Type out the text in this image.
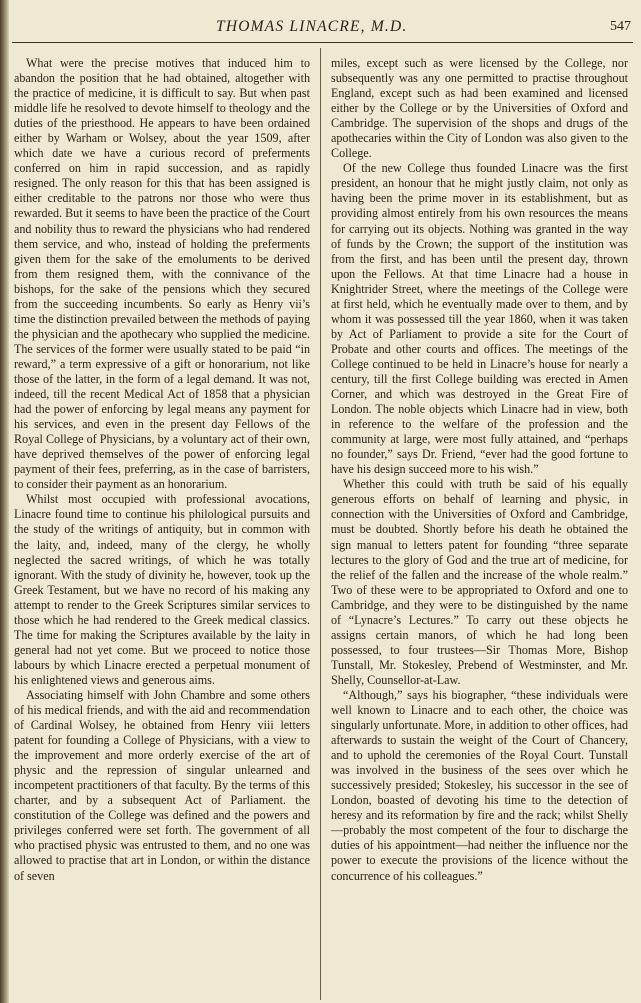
THOMAS LINACRE, M.D.	547

What were the precise motives that induced him to abandon the position that he had obtained, altogether with the practice of medicine, it is difficult to say. But when past middle life he resolved to devote himself to theology and the duties of the priesthood. He appears to have been ordained either by Warham or Wolsey, about the year 1509, after which date we have a curious record of preferments conferred on him in rapid succession, and as rapidly resigned. The only reason for this that has been assigned is either creditable to the patrons nor those who were thus rewarded. But it seems to have been the practice of the Court and nobility thus to reward the physicians who had rendered them service, and who, instead of holding the preferments given them for the sake of the emoluments to be derived from them resigned them, with the connivance of the bishops, for the sake of the pensions which they secured from the succeeding incumbents. So early as Henry vii’s time the distinction prevailed between the methods of paying the physician and the apothecary who supplied the medicine. The services of the former were usually stated to be paid “in reward,” a term expressive of a gift or honorarium, not like those of the latter, in the form of a legal demand. It was not, indeed, till the recent Medical Act of 1858 that a physician had the power of enforcing by legal means any payment for his services, and even in the present day Fellows of the Royal College of Physicians, by a voluntary act of their own, have deprived themselves of the power of enforcing legal payment of their fees, preferring, as in the case of barristers, to consider their payment as an honorarium.

Whilst most occupied with professional avocations, Linacre found time to continue his philological pursuits and the study of the writings of antiquity, but in common with the laity, and, indeed, many of the clergy, he wholly neglected the sacred writings, of which he was totally ignorant. With the study of divinity he, however, took up the Greek Testament, but we have no record of his making any attempt to render to the Greek Scriptures similar services to those which he had rendered to the Greek medical classics. The time for making the Scriptures available by the laity in general had not yet come. But we proceed to notice those labours by which Linacre erected a perpetual monument of his enlightened views and generous aims.

Associating himself with John Chambre and some others of his medical friends, and with the aid and recommendation of Cardinal Wolsey, he obtained from Henry viii letters patent for founding a College of Physicians, with a view to the improvement and more orderly exercise of the art of physic and the repression of singular unlearned and incompetent practitioners of that faculty. By the terms of this charter, and by a subsequent Act of Parliament. the constitution of the College was defined and the powers and privileges conferred were set forth. The government of all who practised physic was entrusted to them, and no one was allowed to practise that art in London, or within the distance of seven

miles, except such as were licensed by the College, nor subsequently was any one permitted to practise throughout England, except such as had been examined and licensed either by the College or by the Universities of Oxford and Cambridge. The supervision of the shops and drugs of the apothecaries within the City of London was also given to the College.

Of the new College thus founded Linacre was the first president, an honour that he might justly claim, not only as having been the prime mover in its establishment, but as providing almost entirely from his own resources the means for carrying out its objects. Nothing was granted in the way of funds by the Crown; the support of the institution was from the first, and has been until the present day, thrown upon the Fellows. At that time Linacre had a house in Knightrider Street, where the meetings of the College were at first held, which he eventually made over to them, and by whom it was possessed till the year 1860, when it was taken by Act of Parliament to provide a site for the Court of Probate and other courts and offices. The meetings of the College continued to be held in Linacre’s house for nearly a century, till the first College building was erected in Amen Corner, and which was destroyed in the Great Fire of London. The noble objects which Linacre had in view, both in reference to the welfare of the profession and the community at large, were most fully attained, and “perhaps no founder,” says Dr. Friend, “ever had the good fortune to have his design succeed more to his wish.”

Whether this could with truth be said of his equally generous efforts on behalf of learning and physic, in connection with the Universities of Oxford and Cambridge, must be doubted. Shortly before his death he obtained the sign manual to letters patent for founding “three separate lectures to the glory of God and the true art of medicine, for the relief of the fallen and the increase of the whole realm.” Two of these were to be appropriated to Oxford and one to Cambridge, and they were to be distinguished by the name of “Lynacre’s Lectures.” To carry out these objects he assigns certain manors, of which he had long been possessed, to four trustees—Sir Thomas More, Bishop Tunstall, Mr. Stokesley, Prebend of Westminster, and Mr. Shelly, Counsellor-at-Law.

“Although,” says his biographer, “these individuals were well known to Linacre and to each other, the choice was singularly unfortunate. More, in addition to other offices, had afterwards to sustain the weight of the Court of Chancery, and to uphold the ceremonies of the Royal Court. Tunstall was involved in the business of the sees over which he successively presided; Stokesley, his successor in the see of London, boasted of devoting his time to the detection of heresy and its reformation by fire and the rack; whilst Shelly—probably the most competent of the four to discharge the duties of his appointment—had neither the influence nor the power to execute the provisions of the licence without the concurrence of his colleagues.”
